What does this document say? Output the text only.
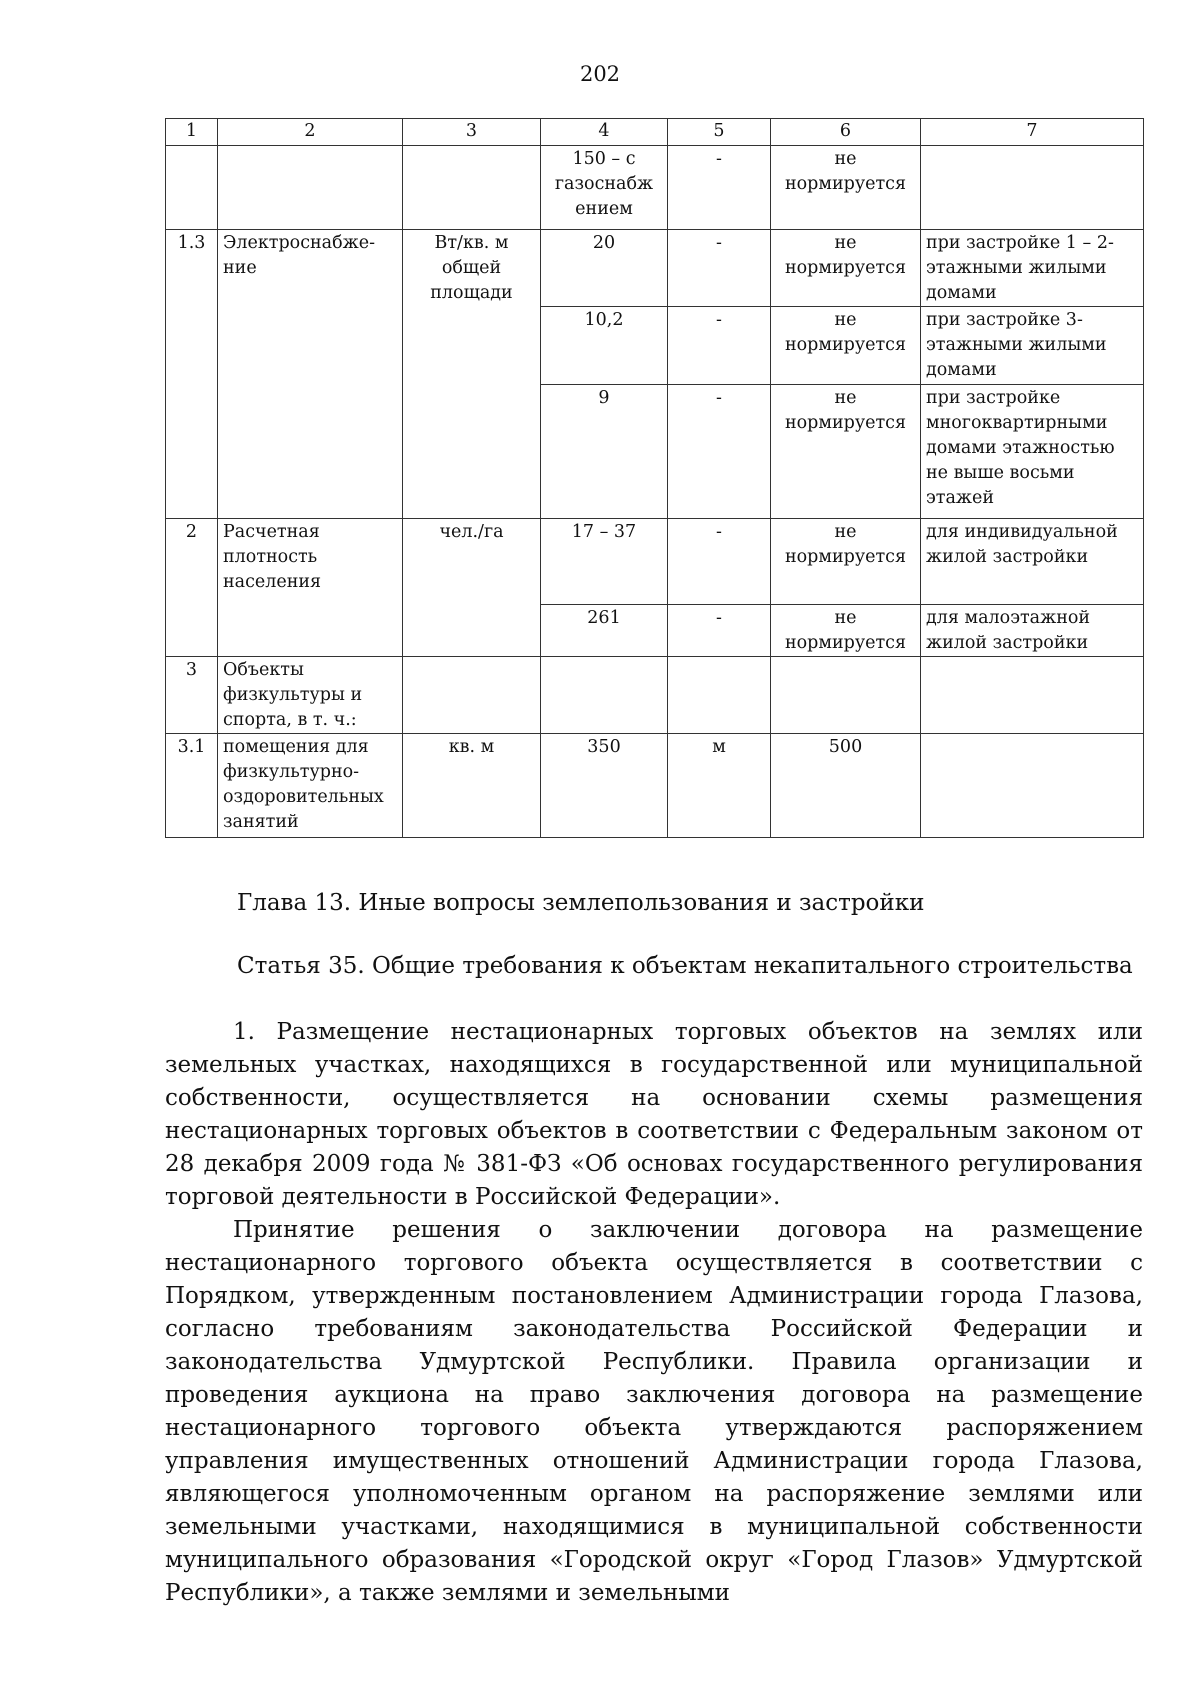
202
1	2	3	4	5	6	7
			150 – с газоснабж ением	-	не нормируется	
1.3	Электроснабже-ние	Вт/кв. м общей площади	20	-	не нормируется	при застройке 1 – 2-этажными жилыми домами
			10,2	-	не нормируется	при застройке 3-этажными жилыми домами
			9	-	не нормируется	при застройке многоквартирными домами этажностью не выше восьми этажей
2	Расчетная плотность населения	чел./га	17 – 37	-	не нормируется	для индивидуальной жилой застройки
			261	-	не нормируется	для малоэтажной жилой застройки
3	Объекты физкультуры и спорта, в т. ч.:					
3.1	помещения для физкультурно-оздоровительных занятий	кв. м	350	м	500	
Глава 13. Иные вопросы землепользования и застройки
Статья 35. Общие требования к объектам некапитального строительства

1. Размещение нестационарных торговых объектов на землях или земельных участках, находящихся в государственной или муниципальной собственности, осуществляется на основании схемы размещения нестационарных торговых объектов в соответствии с Федеральным законом от 28 декабря 2009 года № 381-ФЗ «Об основах государственного регулирования торговой деятельности в Российской Федерации».

Принятие решения о заключении договора на размещение нестационарного торгового объекта осуществляется в соответствии с Порядком, утвержденным постановлением Администрации города Глазова, согласно требованиям законодательства Российской Федерации и законодательства Удмуртской Республики. Правила организации и проведения аукциона на право заключения договора на размещение нестационарного торгового объекта утверждаются распоряжением управления имущественных отношений Администрации города Глазова, являющегося уполномоченным органом на распоряжение землями или земельными участками, находящимися в муниципальной собственности муниципального образования «Городской округ «Город Глазов» Удмуртской Республики», а также землями и земельными
